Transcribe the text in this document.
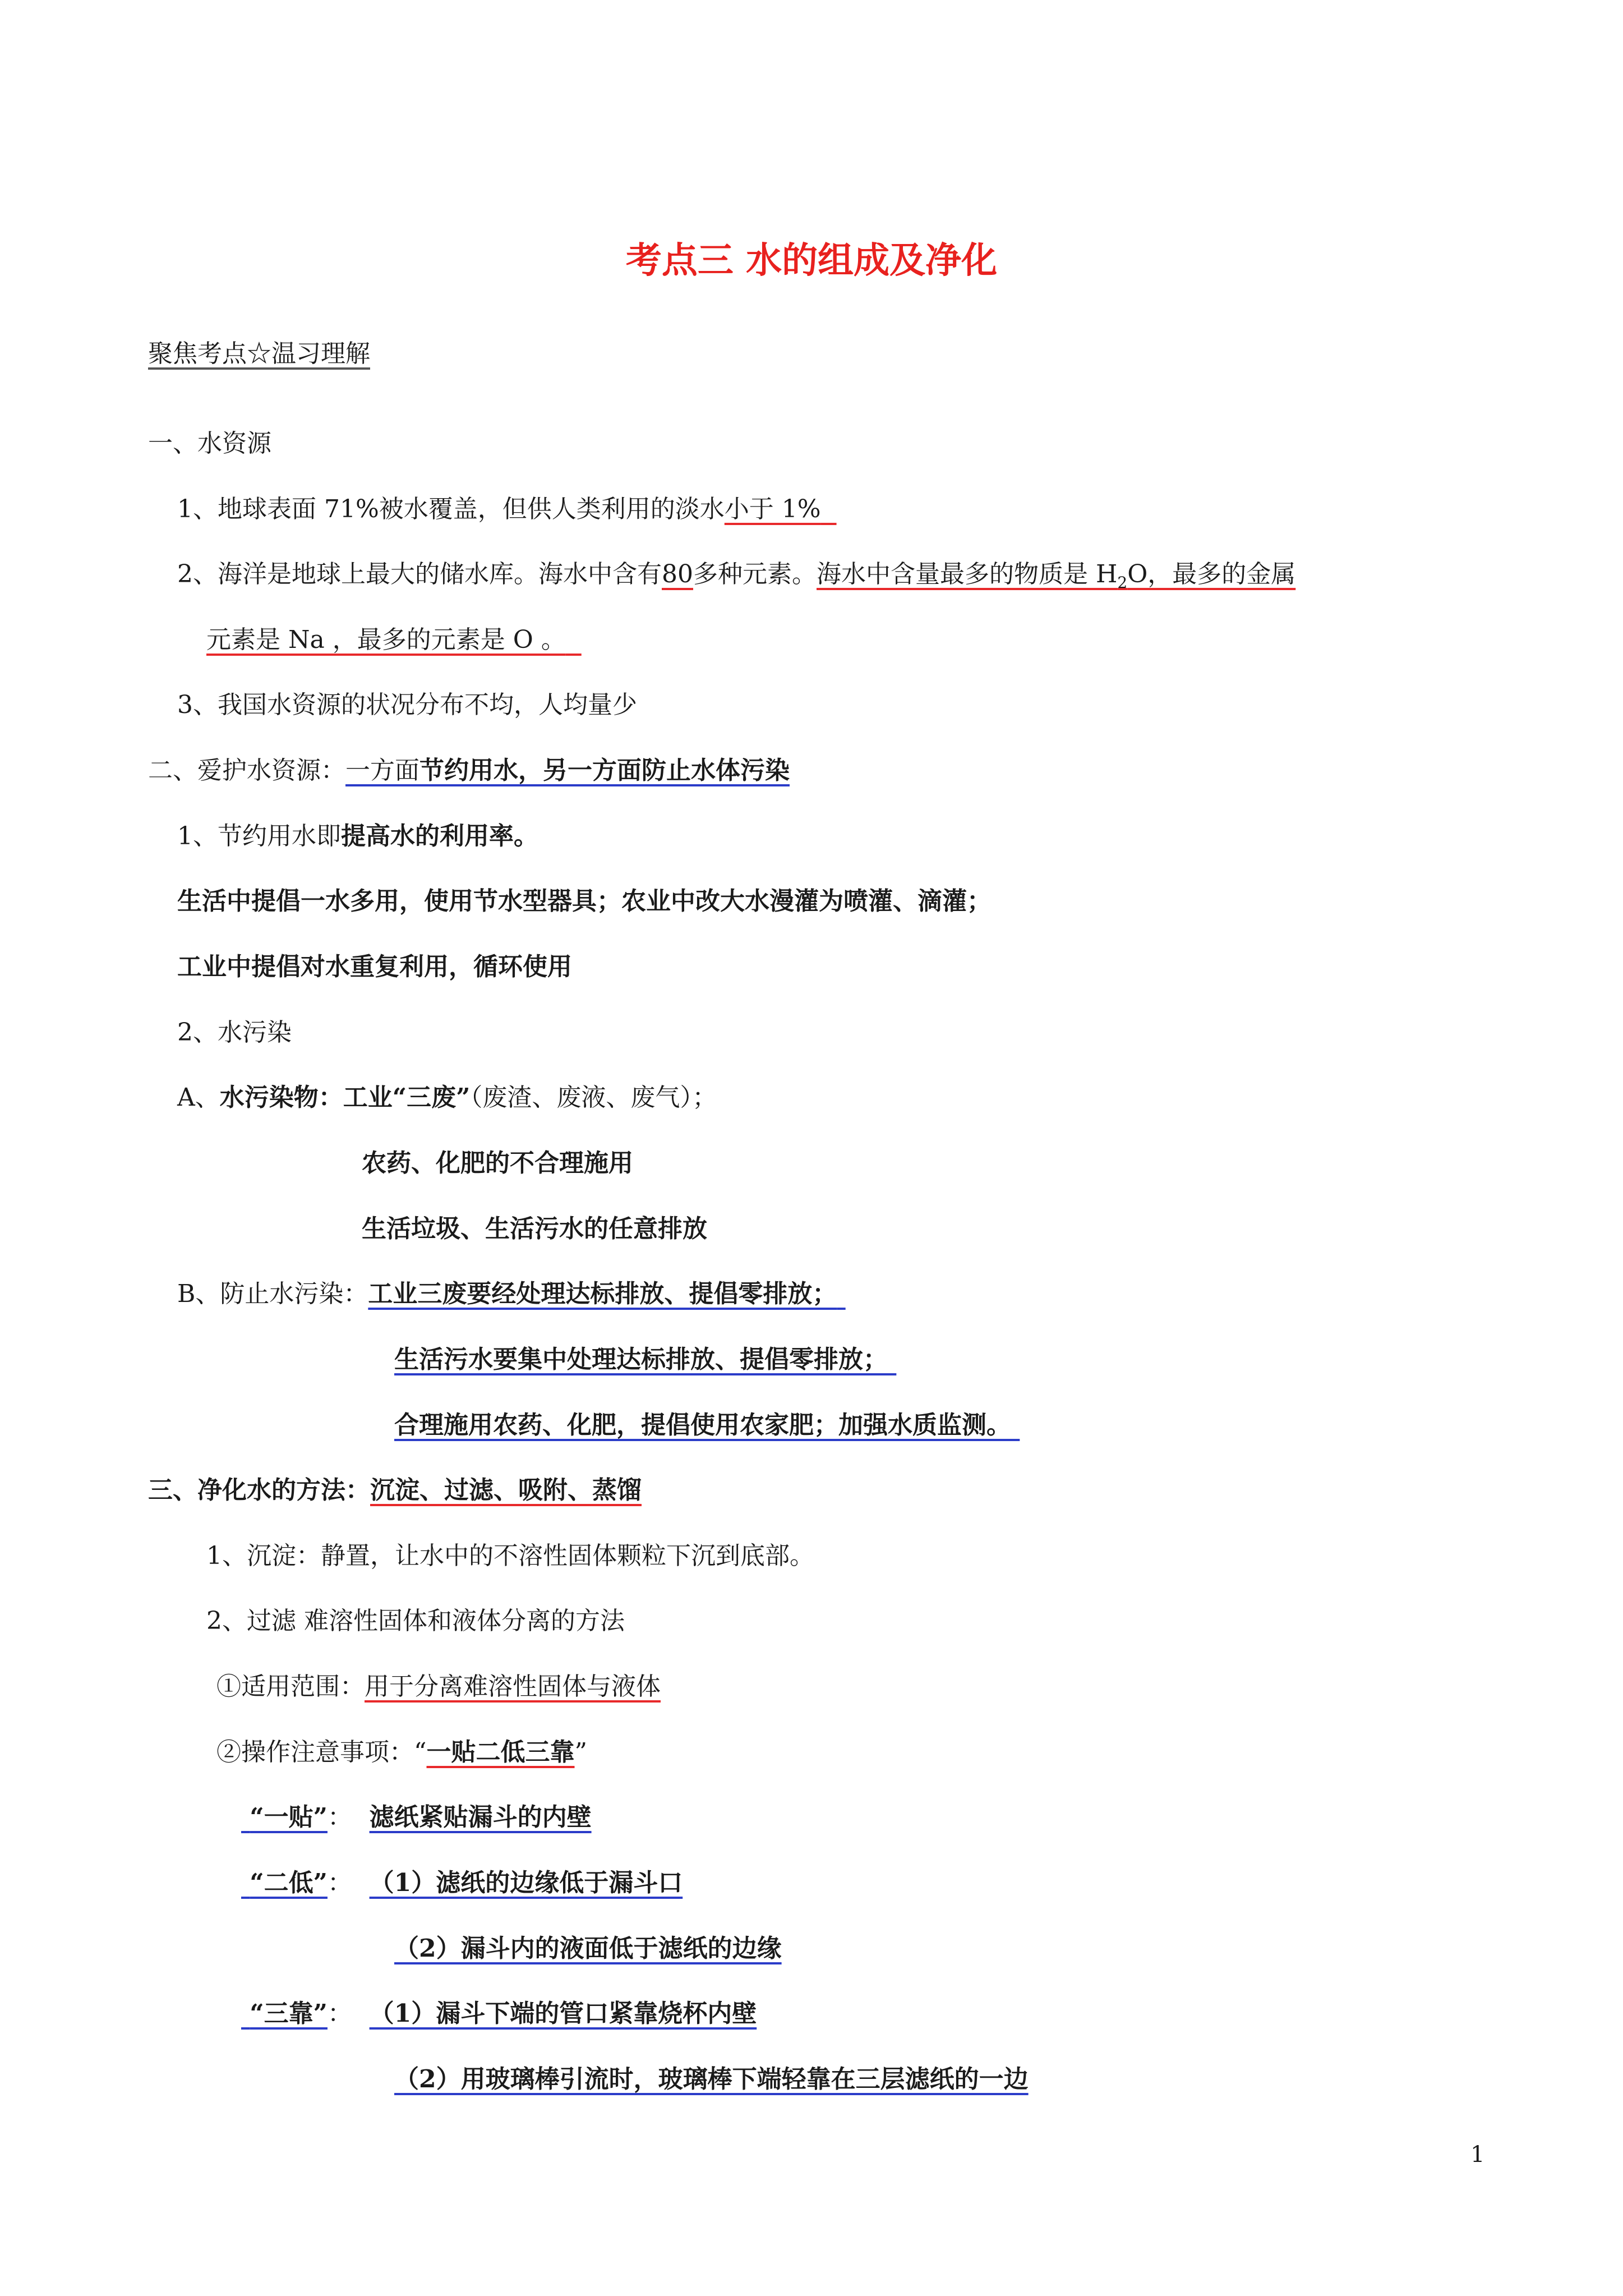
考点三 水的组成及净化
聚焦考点☆温习理解
一、水资源
1、地球表面 71%被水覆盖，但供人类利用的淡水小于 1%
2、海洋是地球上最大的储水库。海水中含有80多种元素。海水中含量最多的物质是 $H_2O$，最多的金属
元素是 Na ，最多的元素是 O 。
3、我国水资源的状况分布不均，人均量少
二、爱护水资源：一方面节约用水，另一方面防止水体污染
1、节约用水即提高水的利用率。
生活中提倡一水多用，使用节水型器具；农业中改大水漫灌为喷灌、滴灌；
工业中提倡对水重复利用，循环使用
2、水污染
A、水污染物：工业“三废”（废渣、废液、废气）；
农药、化肥的不合理施用
生活垃圾、生活污水的任意排放
B、防止水污染：工业三废要经处理达标排放、提倡零排放；
生活污水要集中处理达标排放、提倡零排放；
合理施用农药、化肥，提倡使用农家肥；加强水质监测。
三、净化水的方法：沉淀、过滤、吸附、蒸馏
1、沉淀：静置，让水中的不溶性固体颗粒下沉到底部。
2、过滤 难溶性固体和液体分离的方法
①适用范围：用于分离难溶性固体与液体
②操作注意事项：“一贴二低三靠”
“一贴”： 滤纸紧贴漏斗的内壁
“二低”： （1）滤纸的边缘低于漏斗口
（2）漏斗内的液面低于滤纸的边缘
“三靠”： （1）漏斗下端的管口紧靠烧杯内壁
（2）用玻璃棒引流时，玻璃棒下端轻靠在三层滤纸的一边
1
